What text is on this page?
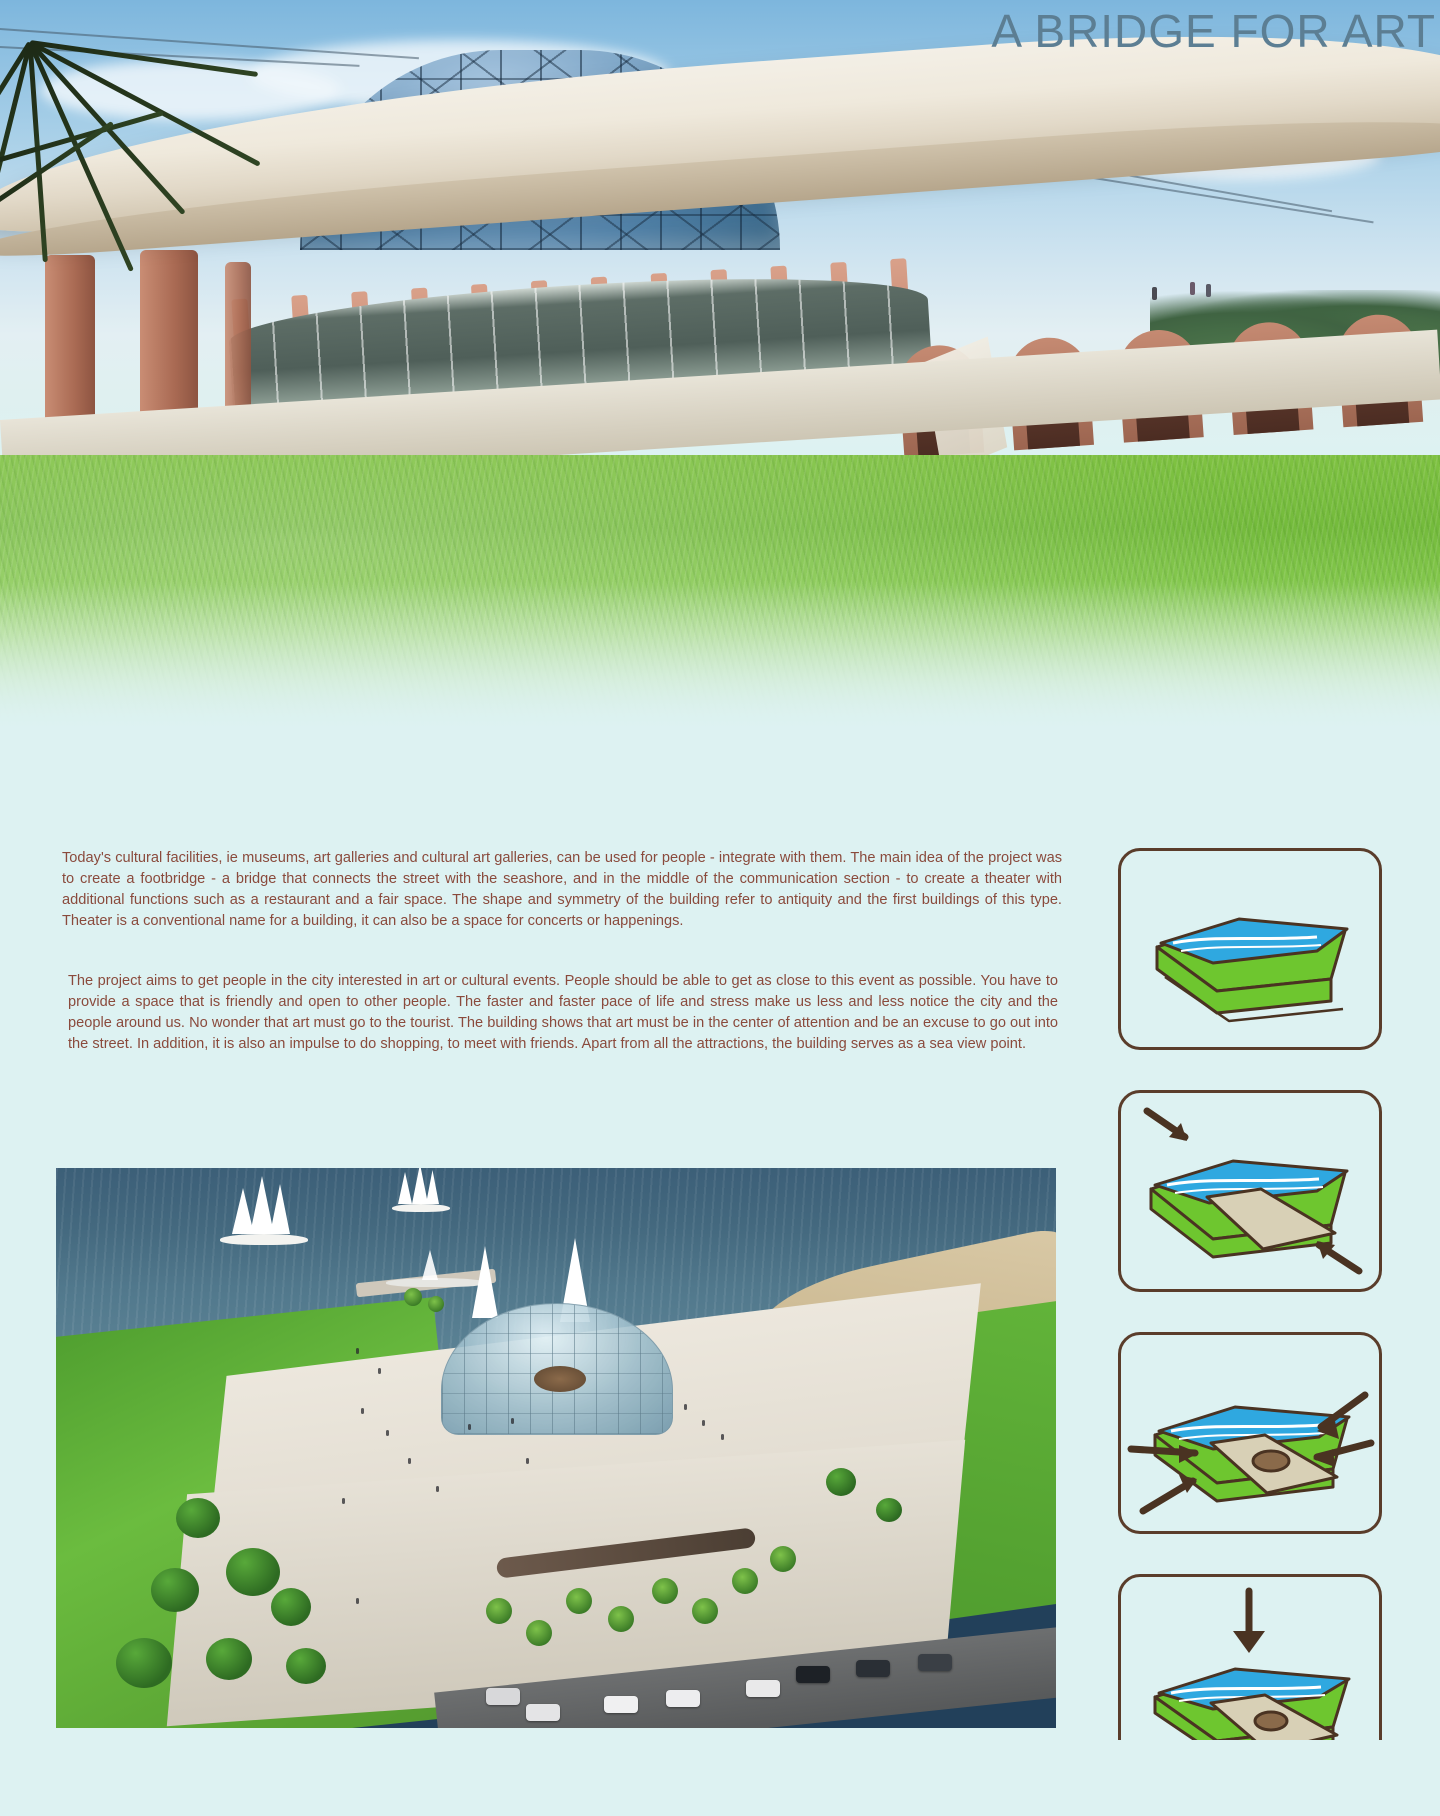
A BRIDGE FOR ART

Today's cultural facilities, ie museums, art galleries and cultural art galleries, can be used for people - integrate with them. The main idea of the project was to create a footbridge - a bridge that connects the street with the seashore, and in the middle of the communication section - to create a theater with additional functions such as a restaurant and a fair space. The shape and symmetry of the building refer to antiquity and the first buildings of this type. Theater is a conventional name for a building, it can also be a space for concerts or happenings.

The project aims to get people in the city interested in art or cultural events. People should be able to get as close to this event as possible. You have to provide a space that is friendly and open to other people. The faster and faster pace of life and stress make us less and less notice the city and the people around us. No wonder that art must go to the tourist. The building shows that art must be in the center of attention and be an excuse to go out into the street. In addition, it is also an impulse to do shopping, to meet with friends. Apart from all the attractions, the building serves as a sea view point.
